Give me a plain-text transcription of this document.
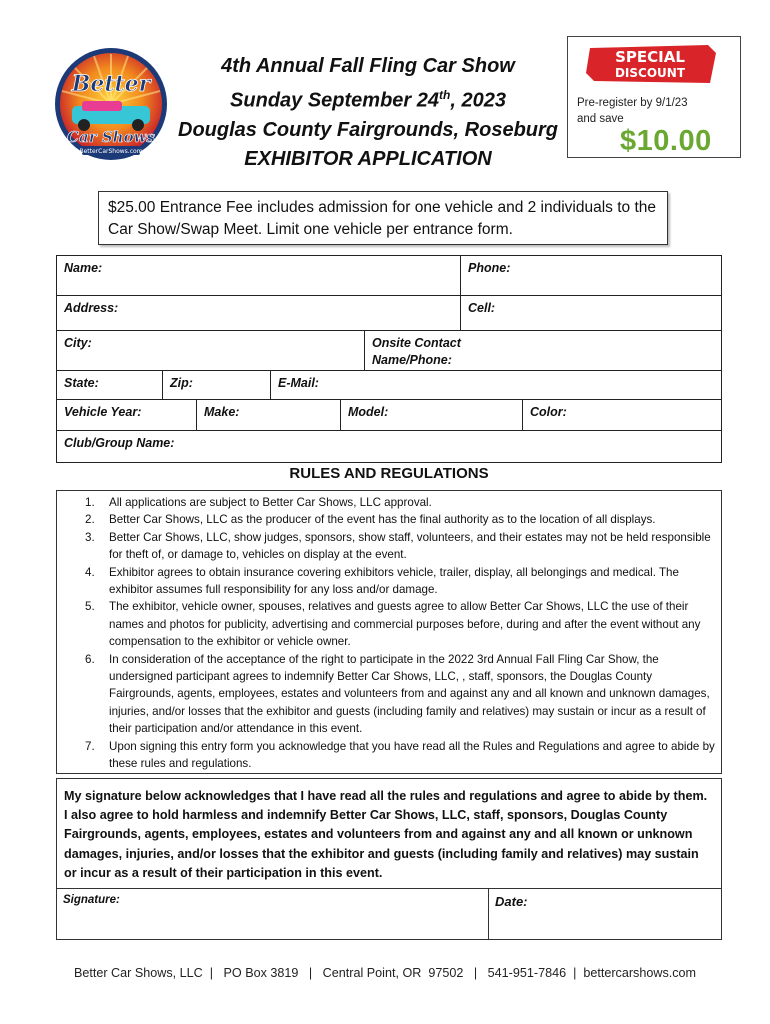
Better
Car Shows
BetterCarShows.com
4th Annual Fall Fling Car Show
Sunday September 24th, 2023
Douglas County Fairgrounds, Roseburg
EXHIBITOR APPLICATION
SPECIAL
DISCOUNT
Pre-register by 9/1/23
and save
$10.00
$25.00 Entrance Fee includes admission for one vehicle and 2 individuals to the Car Show/Swap Meet. Limit one vehicle per entrance form.
Name:	Phone:
Address:	Cell:
City:	Onsite Contact
Name/Phone:
State:	Zip:	E-Mail:
Vehicle Year:	Make:	Model:	Color:
Club/Group Name:
RULES AND REGULATIONS
1. All applications are subject to Better Car Shows, LLC approval.
2. Better Car Shows, LLC as the producer of the event has the final authority as to the location of all displays.
3. Better Car Shows, LLC, show judges, sponsors, show staff, volunteers, and their estates may not be held responsible for theft of, or damage to, vehicles on display at the event.
4. Exhibitor agrees to obtain insurance covering exhibitors vehicle, trailer, display, all belongings and medical. The exhibitor assumes full responsibility for any loss and/or damage.
5. The exhibitor, vehicle owner, spouses, relatives and guests agree to allow Better Car Shows, LLC the use of their names and photos for publicity, advertising and commercial purposes before, during and after the event without any compensation to the exhibitor or vehicle owner.
6. In consideration of the acceptance of the right to participate in the 2022 3rd Annual Fall Fling Car Show, the undersigned participant agrees to indemnify Better Car Shows, LLC, , staff, sponsors, the Douglas County Fairgrounds, agents, employees, estates and volunteers from and against any and all known and unknown damages, injuries, and/or losses that the exhibitor and guests (including family and relatives) may sustain or incur as a result of their participation and/or attendance in this event.
7. Upon signing this entry form you acknowledge that you have read all the Rules and Regulations and agree to abide by these rules and regulations.
My signature below acknowledges that I have read all the rules and regulations and agree to abide by them. I also agree to hold harmless and indemnify Better Car Shows, LLC, staff, sponsors, Douglas County Fairgrounds, agents, employees, estates and volunteers from and against any and all known or unknown damages, injuries, and/or losses that the exhibitor and guests (including family and relatives) may sustain or incur as a result of their participation in this event.
Signature:	Date:
Better Car Shows, LLC  |   PO Box 3819   |   Central Point, OR  97502   |   541-951-7846  |  bettercarshows.com
